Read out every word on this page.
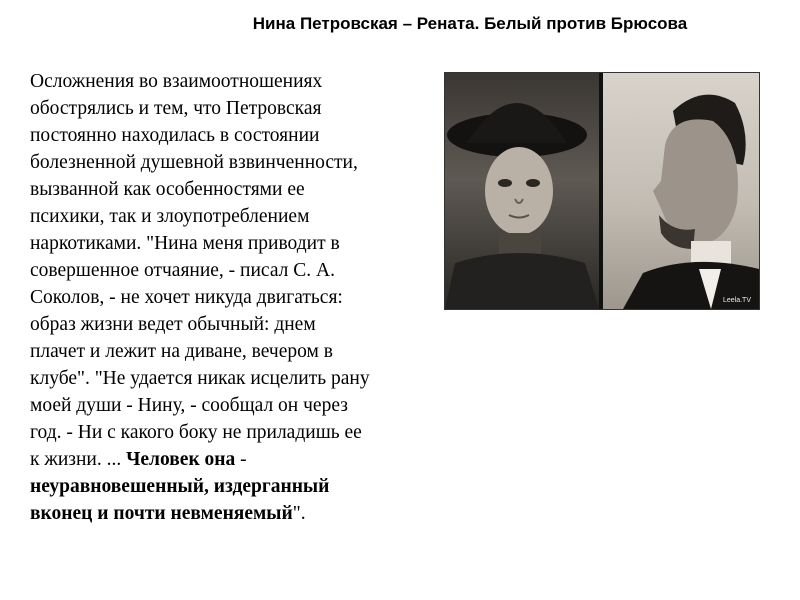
Нина Петровская – Рената. Белый против Брюсова

Осложнения во взаимоотношениях
обострялись и тем, что Петровская
постоянно находилась в состоянии
болезненной душевной взвинченности,
вызванной как особенностями ее
психики, так и злоупотреблением
наркотиками. "Нина меня приводит в
совершенное отчаяние, - писал С. А.
Соколов, - не хочет никуда двигаться:
образ жизни ведет обычный: днем
плачет и лежит на диване, вечером в
клубе". "Не удается никак исцелить рану
моей души - Нину, - сообщал он через
год. - Ни с какого боку не приладишь ее
к жизни. ... Человек она -
неуравновешенный, издерганный
вконец и почти невменяемый".

Leela.TV
